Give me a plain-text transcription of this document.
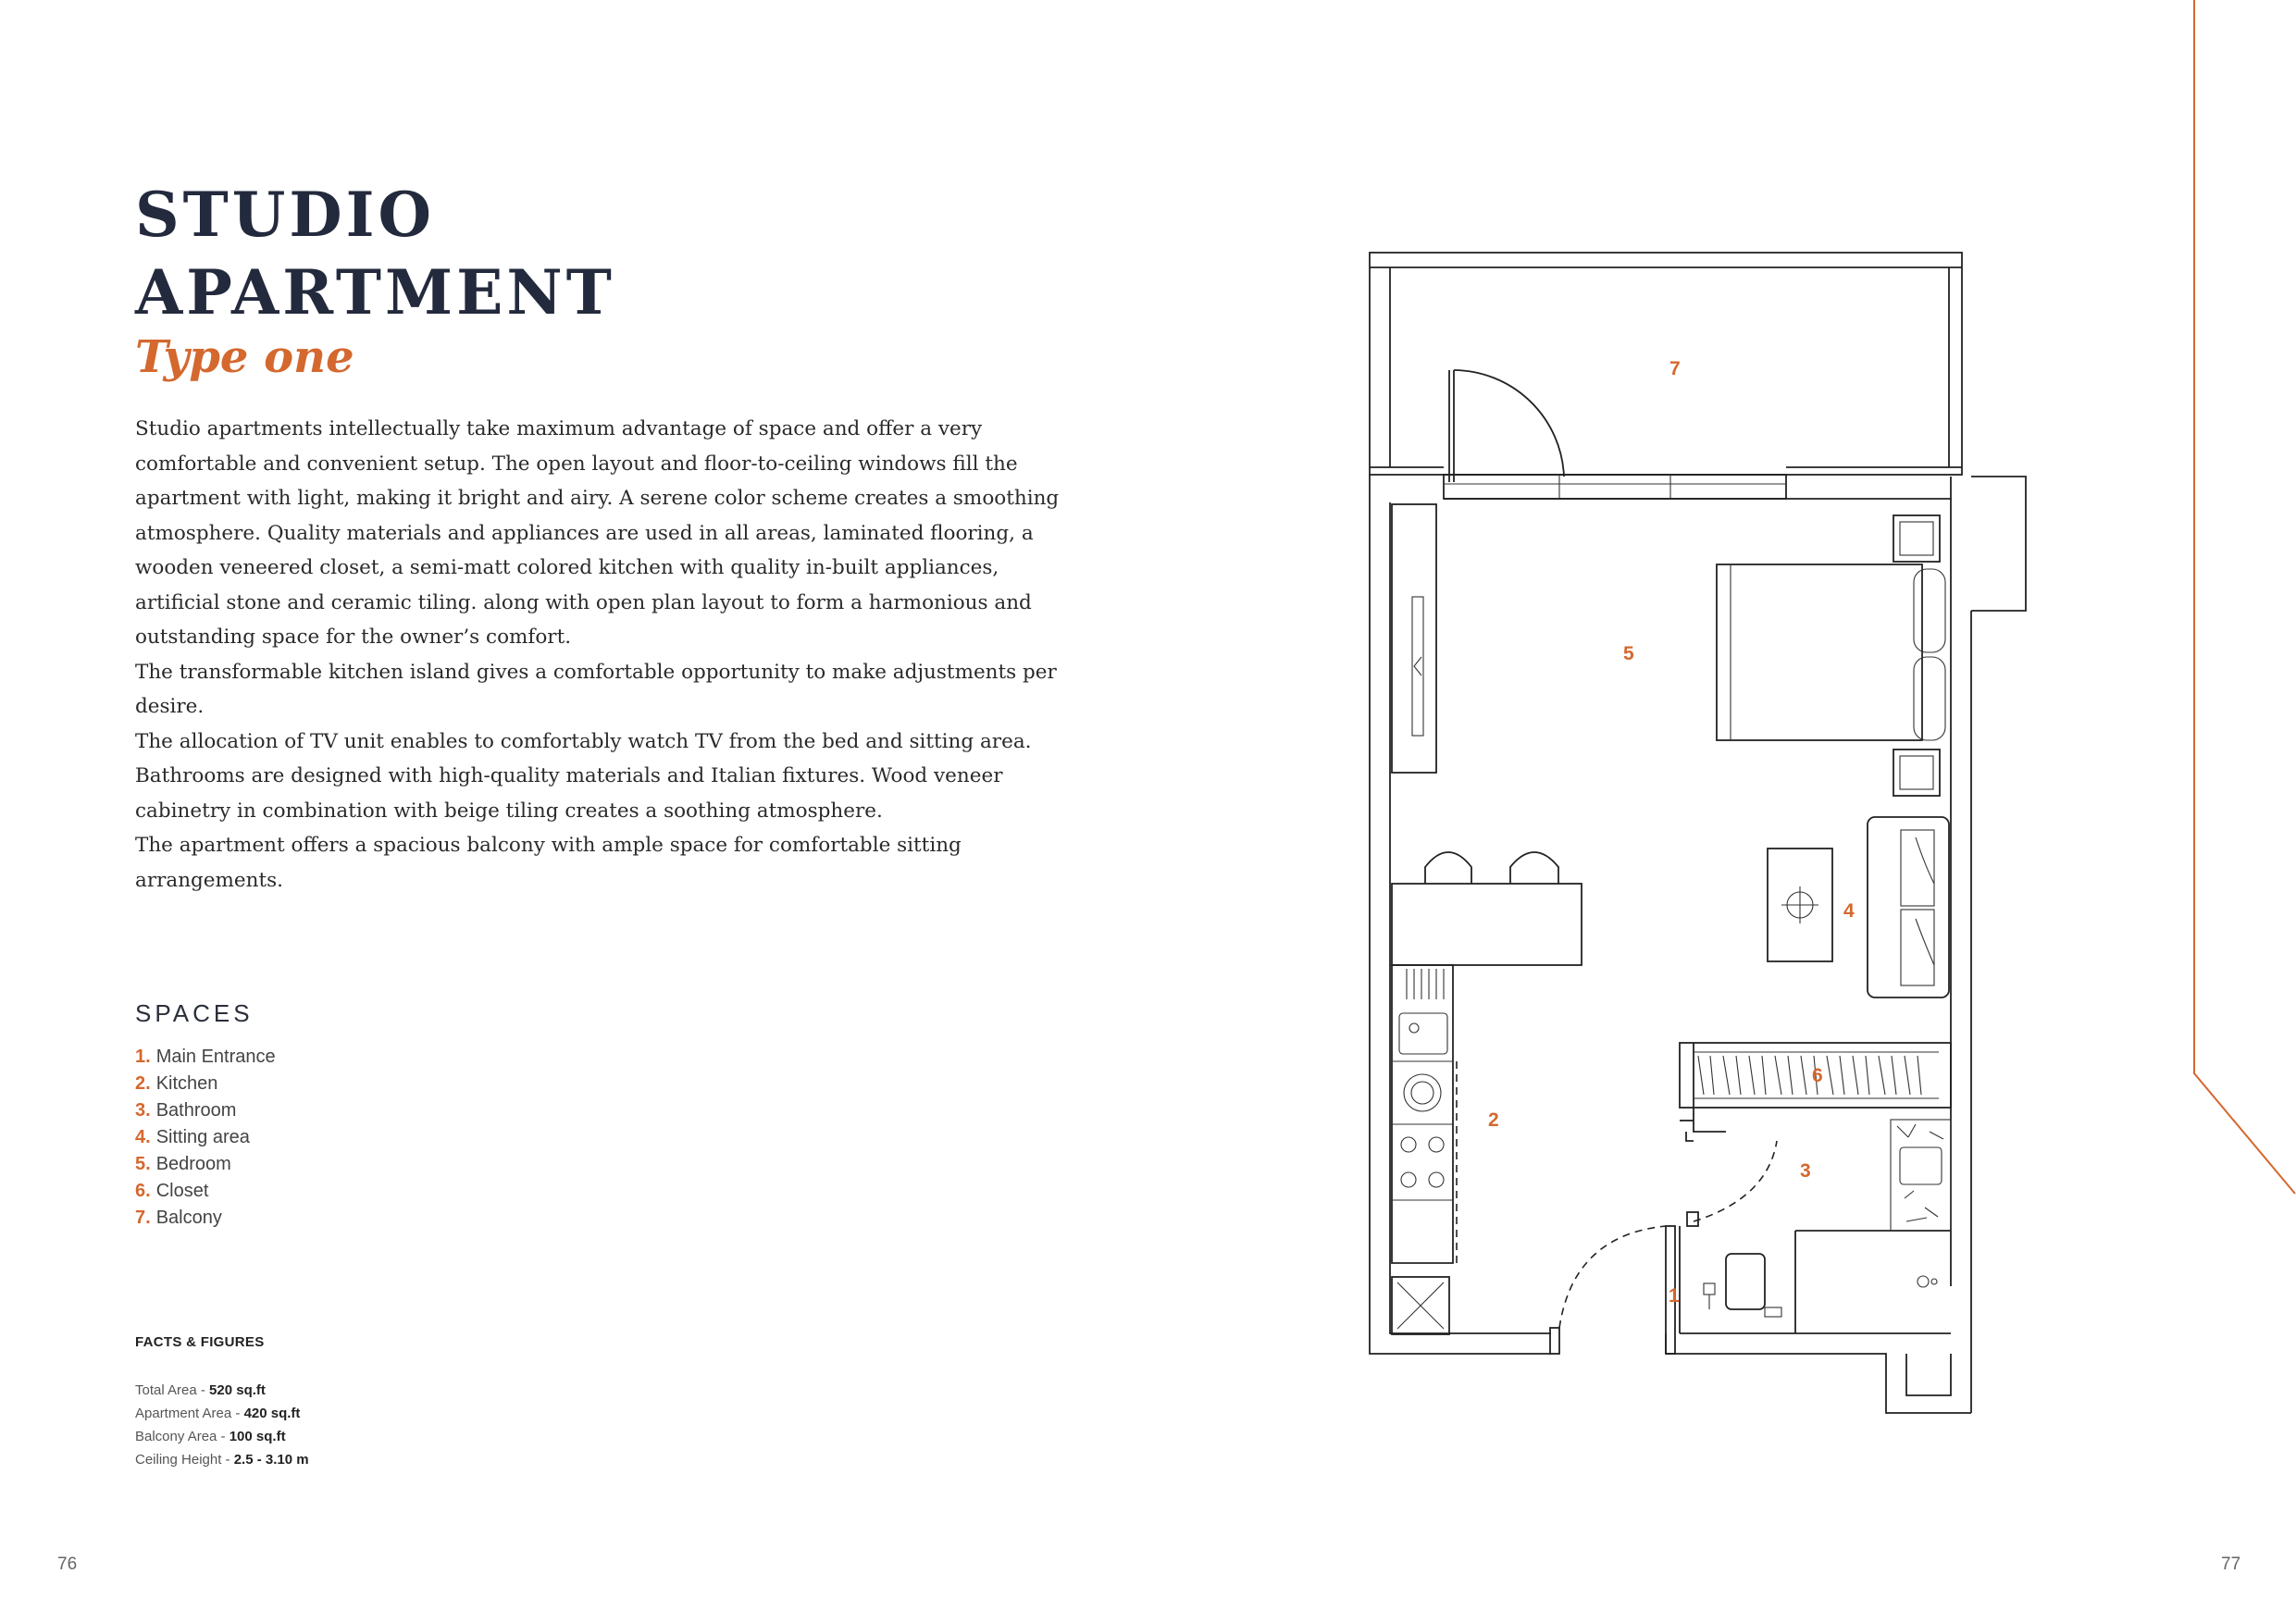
STUDIO
APARTMENT
Type one

Studio apartments intellectually take maximum advantage of space and offer a very comfortable and convenient setup. The open layout and floor-to-ceiling windows fill the apartment with light, making it bright and airy. A serene color scheme creates a smoothing atmosphere. Quality materials and appliances are used in all areas, laminated flooring, a wooden veneered closet, a semi-matt colored kitchen with quality in-built appliances, artificial stone and ceramic tiling. along with open plan layout to form a harmonious and outstanding space for the owner’s comfort.

The transformable kitchen island gives a comfortable opportunity to make adjustments per desire.

The allocation of TV unit enables to comfortably watch TV from the bed and sitting area.

Bathrooms are designed with high-quality materials and Italian fixtures. Wood veneer cabinetry in combination with beige tiling creates a soothing atmosphere.

The apartment offers a spacious balcony with ample space for comfortable sitting arrangements.

SPACES
1. Main Entrance
2. Kitchen
3. Bathroom
4. Sitting area
5. Bedroom
6. Closet
7. Balcony
FACTS & FIGURES
Total Area - 520 sq.ft
Apartment Area - 420 sq.ft
Balcony Area - 100 sq.ft
Ceiling Height - 2.5 - 3.10 m
1
2
3
4
5
6
7
76	77
